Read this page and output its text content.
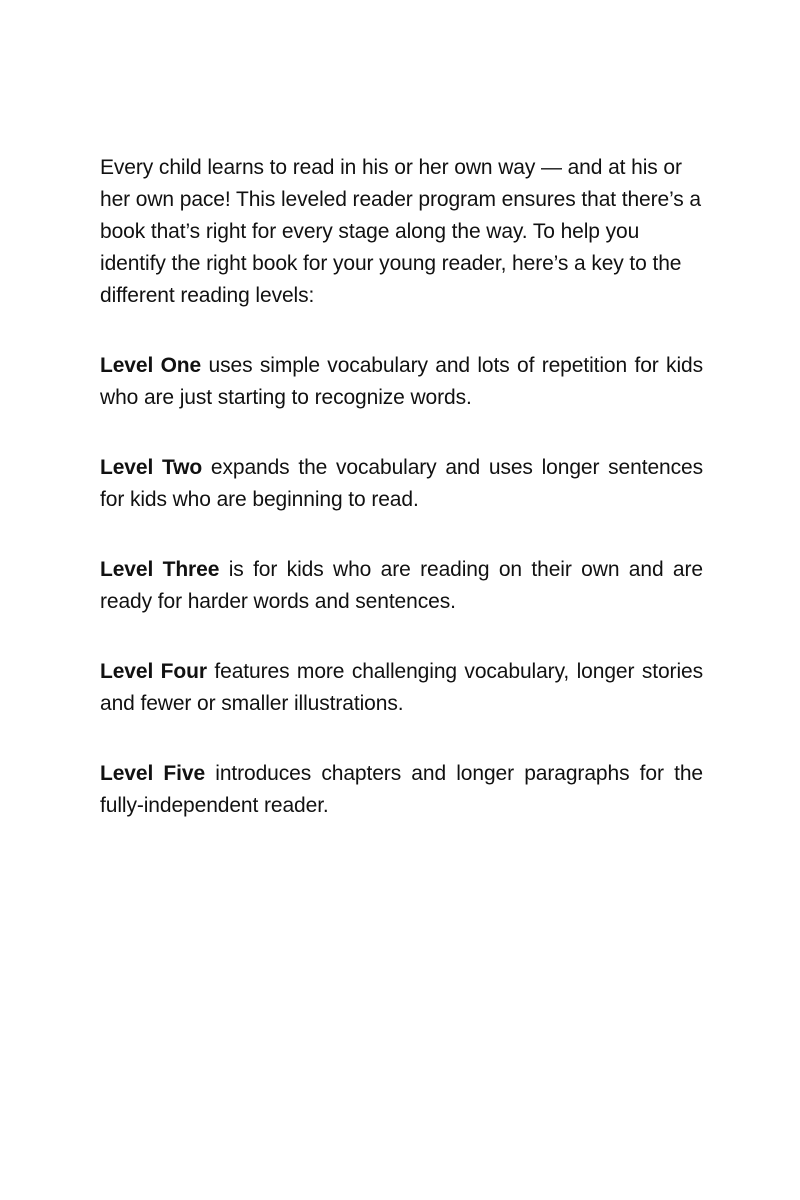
Every child learns to read in his or her own way — and at his or her own pace! This leveled reader program ensures that there’s a book that’s right for every stage along the way. To help you identify the right book for your young reader, here’s a key to the different reading levels:

Level One uses simple vocabulary and lots of repetition for kids who are just starting to recognize words.

Level Two expands the vocabulary and uses longer sentences for kids who are beginning to read.

Level Three is for kids who are reading on their own and are ready for harder words and sentences.

Level Four features more challenging vocabulary, longer stories and fewer or smaller illustrations.

Level Five introduces chapters and longer paragraphs for the fully-independent reader.
